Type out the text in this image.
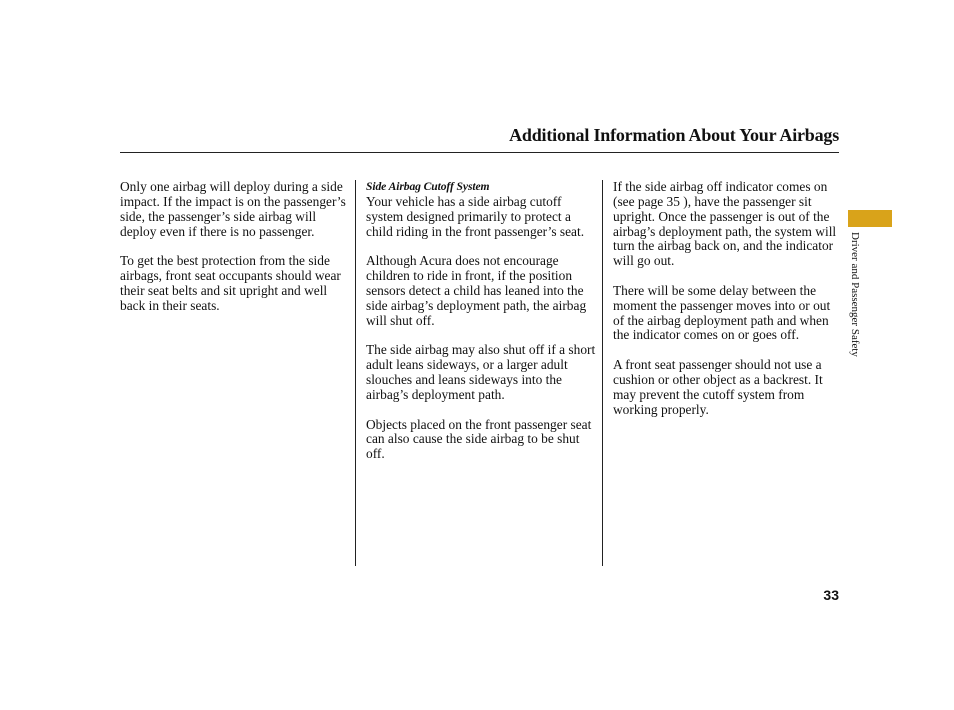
Additional Information About Your Airbags

Only one airbag will deploy during a side impact. If the impact is on the passenger’s side, the passenger’s side airbag will deploy even if there is no passenger.

To get the best protection from the side airbags, front seat occupants should wear their seat belts and sit upright and well back in their seats.

Side Airbag Cutoff System

Your vehicle has a side airbag cutoff system designed primarily to protect a child riding in the front passenger’s seat.

Although Acura does not encourage children to ride in front, if the position sensors detect a child has leaned into the side airbag’s deployment path, the airbag will shut off.

The side airbag may also shut off if a short adult leans sideways, or a larger adult slouches and leans sideways into the airbag’s deployment path.

Objects placed on the front passenger seat can also cause the side airbag to be shut off.

If the side airbag off indicator comes on (see page 35 ), have the passenger sit upright. Once the passenger is out of the airbag’s deployment path, the system will turn the airbag back on, and the indicator will go out.

There will be some delay between the moment the passenger moves into or out of the airbag deployment path and when the indicator comes on or goes off.

A front seat passenger should not use a cushion or other object as a backrest. It may prevent the cutoff system from working properly.

Driver and Passenger Safety
33
